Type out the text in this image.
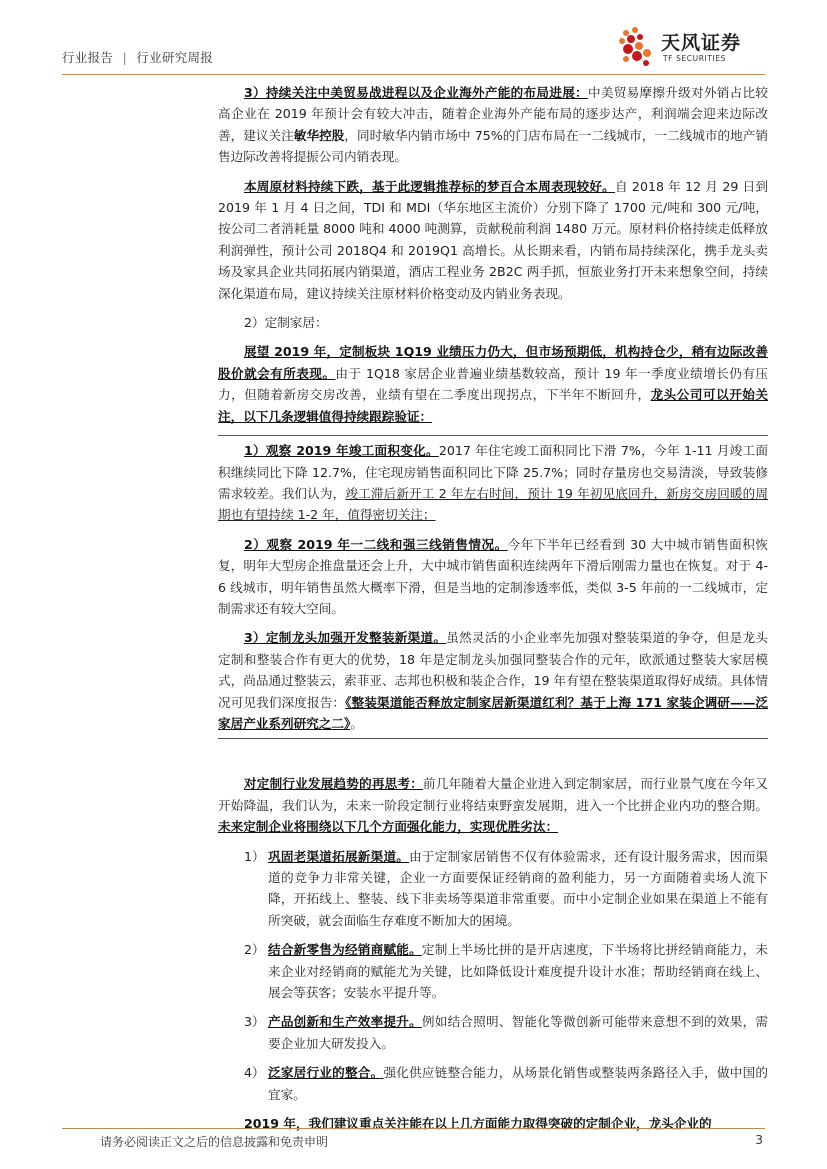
行业报告 | 行业研究周报
天风证券
TF SECURITIES

3）持续关注中美贸易战进程以及企业海外产能的布局进展：中美贸易摩擦升级对外销占比较高企业在 2019 年预计会有较大冲击，随着企业海外产能布局的逐步达产，利润端会迎来边际改善，建议关注敏华控股，同时敏华内销市场中 75%的门店布局在一二线城市，一二线城市的地产销售边际改善将提振公司内销表现。

本周原材料持续下跌，基于此逻辑推荐标的梦百合本周表现较好。自 2018 年 12 月 29 日到 2019 年 1 月 4 日之间，TDI 和 MDI（华东地区主流价）分别下降了 1700 元/吨和 300 元/吨，按公司二者消耗量 8000 吨和 4000 吨测算，贡献税前利润 1480 万元。原材料价格持续走低释放利润弹性，预计公司 2018Q4 和 2019Q1 高增长。从长期来看，内销布局持续深化，携手龙头卖场及家具企业共同拓展内销渠道，酒店工程业务 2B2C 两手抓，恒旅业务打开未来想象空间，持续深化渠道布局，建议持续关注原材料价格变动及内销业务表现。

2）定制家居：

展望 2019 年，定制板块 1Q19 业绩压力仍大，但市场预期低，机构持仓少，稍有边际改善股价就会有所表现。由于 1Q18 家居企业普遍业绩基数较高，预计 19 年一季度业绩增长仍有压力，但随着新房交房改善，业绩有望在二季度出现拐点，下半年不断回升，龙头公司可以开始关注，以下几条逻辑值得持续跟踪验证：

1）观察 2019 年竣工面积变化。2017 年住宅竣工面积同比下滑 7%，今年 1-11 月竣工面积继续同比下降 12.7%，住宅现房销售面积同比下降 25.7%；同时存量房也交易清淡，导致装修需求较差。我们认为，竣工滞后新开工 2 年左右时间，预计 19 年初见底回升，新房交房回暖的周期也有望持续 1-2 年，值得密切关注；

2）观察 2019 年一二线和强三线销售情况。今年下半年已经看到 30 大中城市销售面积恢复，明年大型房企推盘量还会上升，大中城市销售面积连续两年下滑后刚需力量也在恢复。对于 4-6 线城市，明年销售虽然大概率下滑，但是当地的定制渗透率低，类似 3-5 年前的一二线城市，定制需求还有较大空间。

3）定制龙头加强开发整装新渠道。虽然灵活的小企业率先加强对整装渠道的争夺，但是龙头定制和整装合作有更大的优势，18 年是定制龙头加强同整装合作的元年，欧派通过整装大家居模式，尚品通过整装云，索菲亚、志邦也积极和装企合作，19 年有望在整装渠道取得好成绩。具体情况可见我们深度报告：《整装渠道能否释放定制家居新渠道红利？基于上海 171 家装企调研——泛家居产业系列研究之二》。

对定制行业发展趋势的再思考：前几年随着大量企业进入到定制家居，而行业景气度在今年又开始降温，我们认为，未来一阶段定制行业将结束野蛮发展期，进入一个比拼企业内功的整合期。未来定制企业将围绕以下几个方面强化能力，实现优胜劣汰：

1） 巩固老渠道拓展新渠道。由于定制家居销售不仅有体验需求，还有设计服务需求，因而渠道的竞争力非常关键，企业一方面要保证经销商的盈利能力，另一方面随着卖场人流下降，开拓线上、整装、线下非卖场等渠道非常重要。而中小定制企业如果在渠道上不能有所突破，就会面临生存难度不断加大的困境。
2） 结合新零售为经销商赋能。定制上半场比拼的是开店速度，下半场将比拼经销商能力，未来企业对经销商的赋能尤为关键，比如降低设计难度提升设计水准；帮助经销商在线上、展会等获客；安装水平提升等。
3） 产品创新和生产效率提升。例如结合照明、智能化等微创新可能带来意想不到的效果，需要企业加大研发投入。
4） 泛家居行业的整合。强化供应链整合能力，从场景化销售或整装两条路径入手，做中国的宜家。

2019 年，我们建议重点关注能在以上几方面能力取得突破的定制企业，龙头企业的

请务必阅读正文之后的信息披露和免责申明	3
